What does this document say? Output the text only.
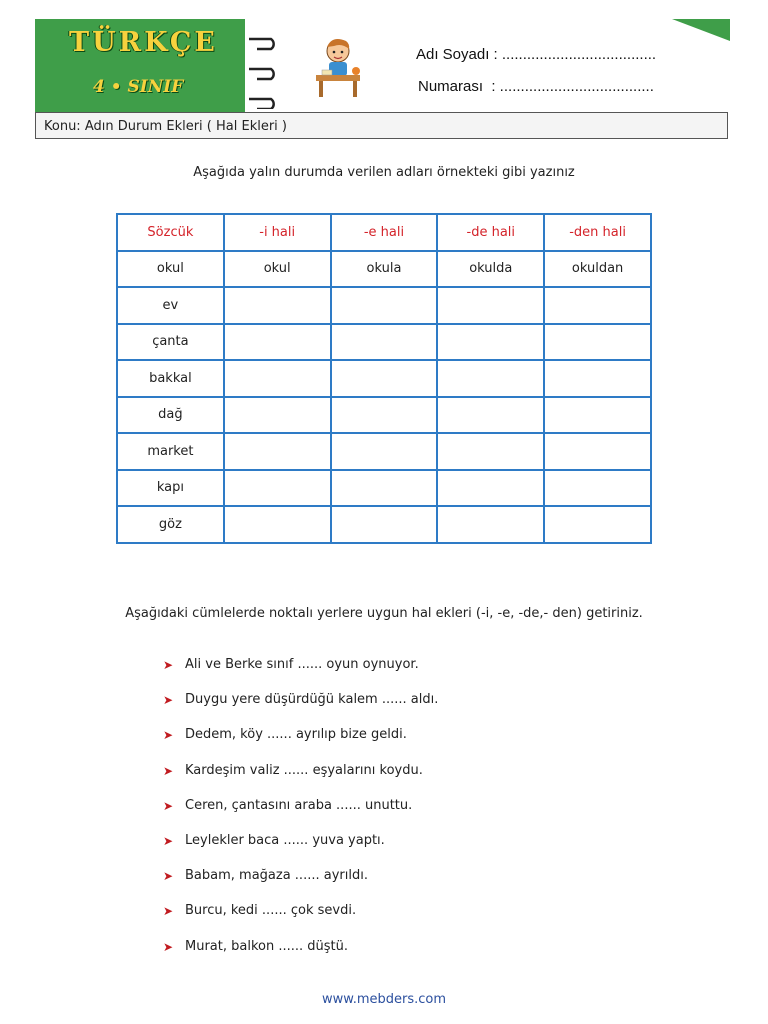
TÜRKÇE
4 • SINIF
Adı Soyadı : .....................................
Numarası  : .....................................
Konu: Adın Durum Ekleri ( Hal Ekleri )
Aşağıda yalın durumda verilen adları örnekteki gibi yazınız
Sözcük	-i hali	-e hali	-de hali	-den hali
okul	okul	okula	okulda	okuldan
ev				
çanta				
bakkal				
dağ				
market				
kapı				
göz				
Aşağıdaki cümlelerde noktalı yerlere uygun hal ekleri (-i, -e, -de,- den) getiriniz.
➤ Ali ve Berke sınıf ...... oyun oynuyor.
➤ Duygu yere düşürdüğü kalem ...... aldı.
➤ Dedem, köy ...... ayrılıp bize geldi.
➤ Kardeşim valiz ...... eşyalarını koydu.
➤ Ceren, çantasını araba ...... unuttu.
➤ Leylekler baca ...... yuva yaptı.
➤ Babam, mağaza ...... ayrıldı.
➤ Burcu, kedi ...... çok sevdi.
➤ Murat, balkon ...... düştü.
www.mebders.com
